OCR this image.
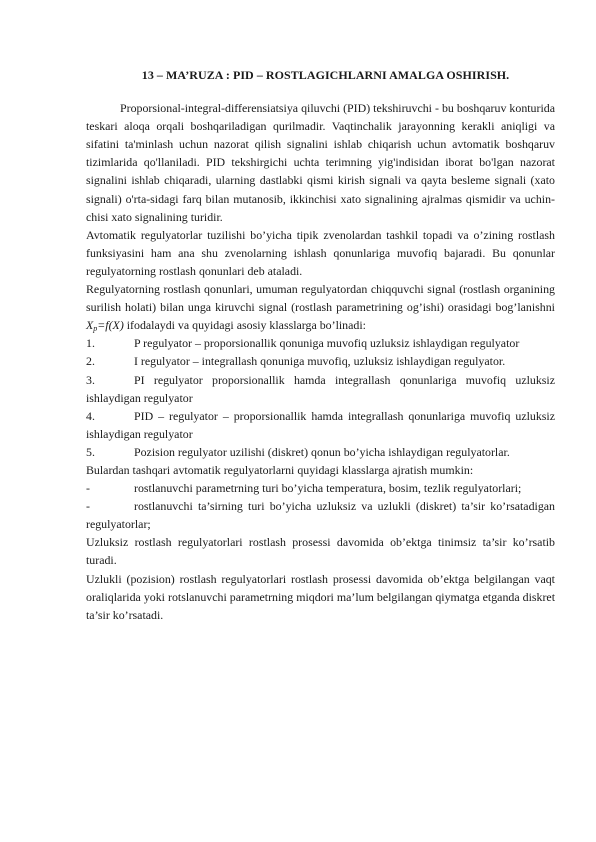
13 – MA’RUZA : PID – ROSTLAGICHLARNI AMALGA OSHIRISH.

Proporsional-integral-differensiatsiya qiluvchi (PID) tekshiruvchi - bu boshqaruv konturida teskari aloqa orqali boshqariladigan qurilmadir. Vaqtinchalik jarayonning kerakli aniqligi va sifatini ta'minlash uchun nazorat qilish signalini ishlab chiqarish uchun avtomatik boshqaruv tizimlarida qo'llaniladi. PID tekshirgichi uchta terimning yig'indisidan iborat bo'lgan nazorat signalini ishlab chiqaradi, ularning dastlabki qismi kirish signali va qayta besleme signali (xato signali) o'rta-sidagi farq bilan mutanosib, ikkinchisi xato signalining ajralmas qismidir va uchin-chisi xato signalining turidir.

Avtomatik regulyatorlar tuzilishi bo’yicha tipik zvenolardan tashkil topadi va o’zining rostlash funksiyasini ham ana shu zvenolarning ishlash qonunlariga muvofiq bajaradi. Bu qonunlar regulyatorning rostlash qonunlari deb ataladi.

Regulyatorning rostlash qonunlari, umuman regulyatordan chiqquvchi signal (rostlash organining surilish holati) bilan unga kiruvchi signal (rostlash parametrining og’ishi) orasidagi bog’lanishni $X_p=f(X)$ ifodalaydi va quyidagi asosiy klasslarga bo’linadi:

1.	P regulyator – proporsionallik qonuniga muvofiq uzluksiz ishlaydigan regulyator

2.	I regulyator – integrallash qonuniga muvofiq, uzluksiz ishlaydigan regulyator.

3.	PI regulyator proporsionallik hamda integrallash qonunlariga muvofiq uzluksiz ishlaydigan regulyator

4.	PID – regulyator – proporsionallik hamda integrallash qonunlariga muvofiq uzluksiz ishlaydigan regulyator

5.	Pozision regulyator uzilishi (diskret) qonun bo’yicha ishlaydigan regulyatorlar.

Bulardan tashqari avtomatik regulyatorlarni quyidagi klasslarga ajratish mumkin:

-	rostlanuvchi parametrning turi bo’yicha temperatura, bosim, tezlik regulyatorlari;

-	rostlanuvchi ta’sirning turi bo’yicha uzluksiz va uzlukli (diskret) ta’sir ko’rsatadigan regulyatorlar;

Uzluksiz rostlash regulyatorlari rostlash prosessi davomida ob’ektga tinimsiz ta’sir ko’rsatib turadi.

Uzlukli (pozision) rostlash regulyatorlari rostlash prosessi davomida ob’ektga belgilangan vaqt oraliqlarida yoki rotslanuvchi parametrning miqdori ma’lum belgilangan qiymatga etganda diskret ta’sir ko’rsatadi.
